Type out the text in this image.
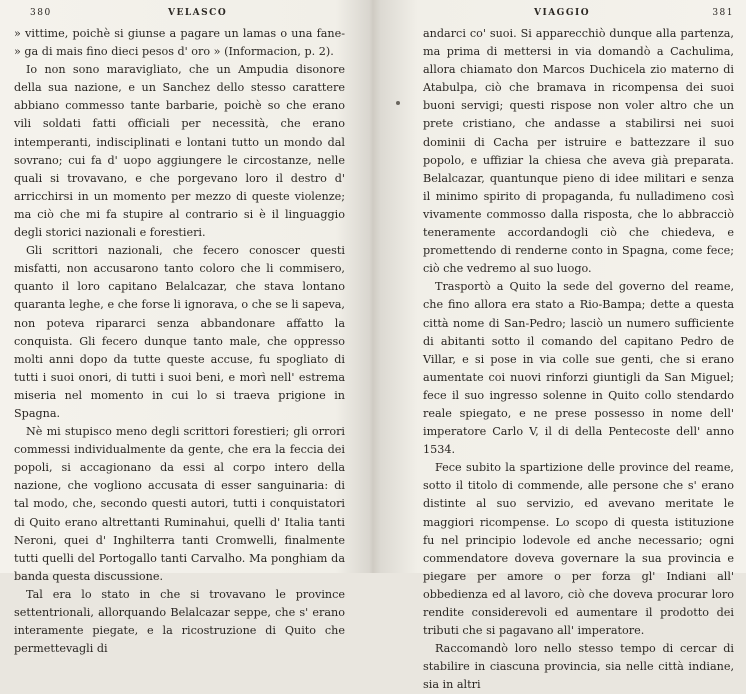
380	VELASCO

» vittime, poichè si giunse a pagare un lamas o una fane- » ga di mais fino dieci pesos d' oro » (Informacion, p. 2).

Io non sono maravigliato, che un Ampudia disonore della sua nazione, e un Sanchez dello stesso carattere abbiano commesso tante barbarie, poichè so che erano vili soldati fatti officiali per necessità, che erano intemperanti, indisciplinati e lontani tutto un mondo dal sovrano; cui fa d' uopo aggiungere le circostanze, nelle quali si trovavano, e che porgevano loro il destro d' arricchirsi in un momento per mezzo di queste violenze; ma ciò che mi fa stupire al contrario si è il linguaggio degli storici nazionali e forestieri.

Gli scrittori nazionali, che fecero conoscer questi misfatti, non accusarono tanto coloro che li commisero, quanto il loro capitano Belalcazar, che stava lontano quaranta leghe, e che forse li ignorava, o che se li sapeva, non poteva ripararci senza abbandonare affatto la conquista. Gli fecero dunque tanto male, che oppresso molti anni dopo da tutte queste accuse, fu spogliato di tutti i suoi onori, di tutti i suoi beni, e morì nell' estrema miseria nel momento in cui lo si traeva prigione in Spagna.

Nè mi stupisco meno degli scrittori forestieri; gli orrori commessi individualmente da gente, che era la feccia dei popoli, si accagionano da essi al corpo intero della nazione, che vogliono accusata di esser sanguinaria: di tal modo, che, secondo questi autori, tutti i conquistatori di Quito erano altrettanti Ruminahui, quelli d' Italia tanti Neroni, quei d' Inghilterra tanti Cromwelli, finalmente tutti quelli del Portogallo tanti Carvalho. Ma ponghiam da banda questa discussione.

Tal era lo stato in che si trovavano le province settentrionali, allorquando Belalcazar seppe, che s' erano interamente piegate, e la ricostruzione di Quito che permettevagli di

VIAGGIO	381

andarci co' suoi. Si apparecchiò dunque alla partenza, ma prima di mettersi in via domandò a Cachulima, allora chiamato don Marcos Duchicela zio materno di Atabulpa, ciò che bramava in ricompensa dei suoi buoni servigi; questi rispose non voler altro che un prete cristiano, che andasse a stabilirsi nei suoi dominii di Cacha per istruire e battezzare il suo popolo, e uffiziar la chiesa che aveva già preparata. Belalcazar, quantunque pieno di idee militari e senza il minimo spirito di propaganda, fu nulladimeno così vivamente commosso dalla risposta, che lo abbracciò teneramente accordandogli ciò che chiedeva, e promettendo di renderne conto in Spagna, come fece; ciò che vedremo al suo luogo.

Trasportò a Quito la sede del governo del reame, che fino allora era stato a Rio-Bampa; dette a questa città nome di San-Pedro; lasciò un numero sufficiente di abitanti sotto il comando del capitano Pedro de Villar, e si pose in via colle sue genti, che si erano aumentate coi nuovi rinforzi giuntigli da San Miguel; fece il suo ingresso solenne in Quito collo stendardo reale spiegato, e ne prese possesso in nome dell' imperatore Carlo V, il di della Pentecoste dell' anno 1534.

Fece subito la spartizione delle province del reame, sotto il titolo di commende, alle persone che s' erano distinte al suo servizio, ed avevano meritate le maggiori ricompense. Lo scopo di questa istituzione fu nel principio lodevole ed anche necessario; ogni commendatore doveva governare la sua provincia e piegare per amore o per forza gl' Indiani all' obbedienza ed al lavoro, ciò che doveva procurar loro rendite considerevoli ed aumentare il prodotto dei tributi che si pagavano all' imperatore.

Raccomandò loro nello stesso tempo di cercar di stabilire in ciascuna provincia, sia nelle città indiane, sia in altri
